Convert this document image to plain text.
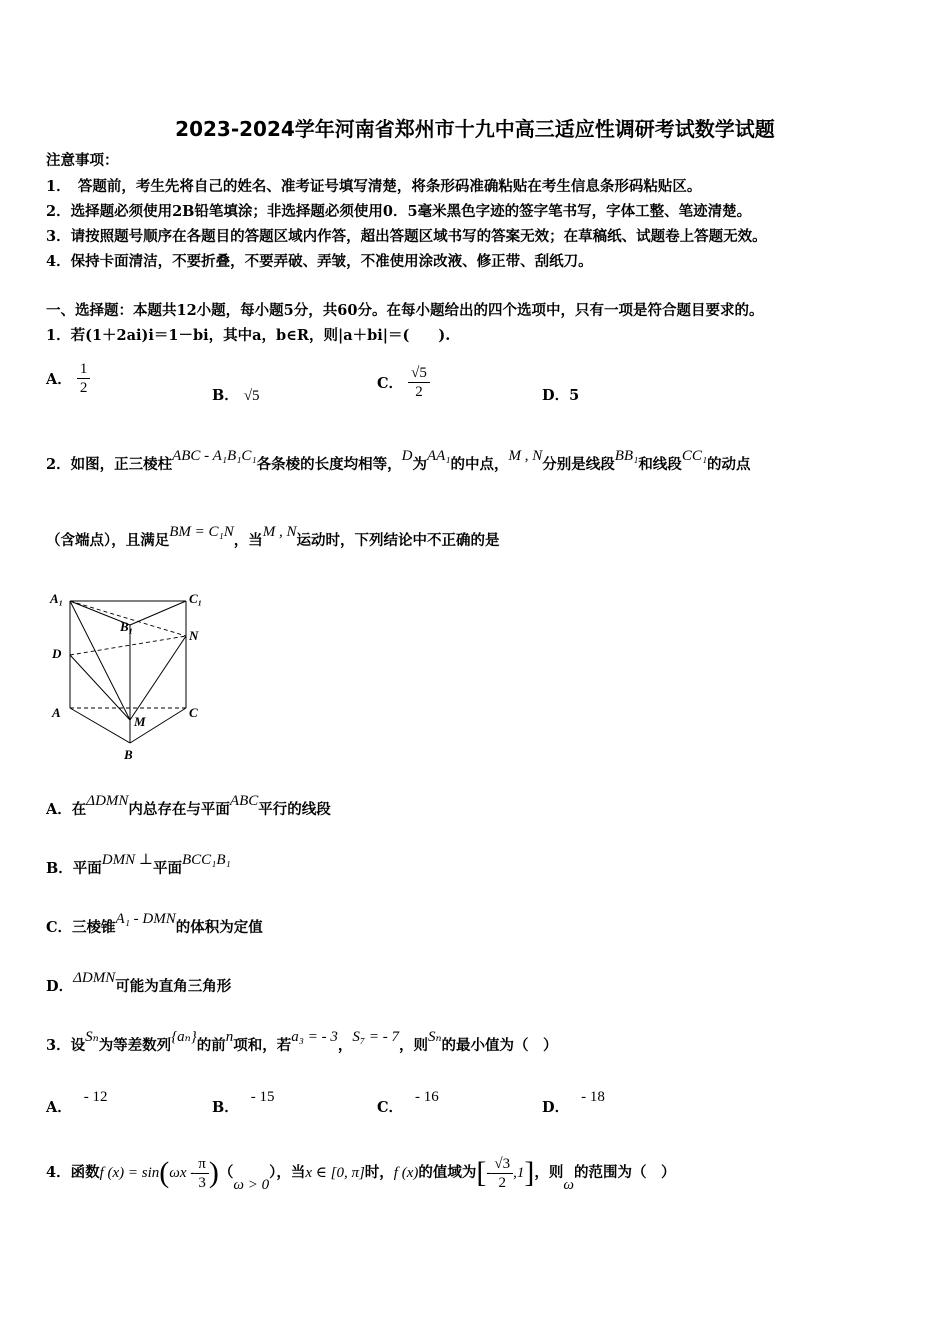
2023-2024学年河南省郑州市十九中高三适应性调研考试数学试题
注意事项：
1．　答题前，考生先将自己的姓名、准考证号填写清楚，将条形码准确粘贴在考生信息条形码粘贴区。
2．选择题必须使用2B铅笔填涂；非选择题必须使用0．5毫米黑色字迹的签字笔书写，字体工整、笔迹清楚。
3．请按照题号顺序在各题目的答题区域内作答，超出答题区域书写的答案无效；在草稿纸、试题卷上答题无效。
4．保持卡面清洁，不要折叠，不要弄破、弄皱，不准使用涂改液、修正带、刮纸刀。
一、选择题：本题共12小题，每小题5分，共60分。在每小题给出的四个选项中，只有一项是符合题目要求的。
1．若(1＋2ai)i＝1－bi，其中a，b∈R，则|a＋bi|＝(　　).
A． $\frac{1}{2}$	B． √5
C． $\frac{√5}{2}$	D．5
2．如图，正三棱柱ABC - A₁B₁C₁各条棱的长度均相等，D为AA₁的中点，M , N分别是线段BB₁和线段CC₁的动点
（含端点），且满足BM = C₁N，当M , N运动时，下列结论中不正确的是
A₁	C₁
B₁
N
D
A
M
C
B
A．在ΔDMN内总存在与平面ABC平行的线段
B．平面DMN ⊥平面BCC₁B₁
C．三棱锥A₁ - DMN的体积为定值
D．ΔDMN可能为直角三角形
3．设Sₙ为等差数列{aₙ}的前n项和，若a₃ = - 3，S₇ = - 7，则Sₙ的最小值为（　）
A．- 12
B．- 15
C．- 16
D．- 18
4．函数f $(x) = \sin(\omega x - \frac{\pi}{3} )(\omega > 0)$，当x ∈ [0, π]时，f (x)的值域为[- $\frac{√3}{2} ,1$]，则ω的范围为（　）
